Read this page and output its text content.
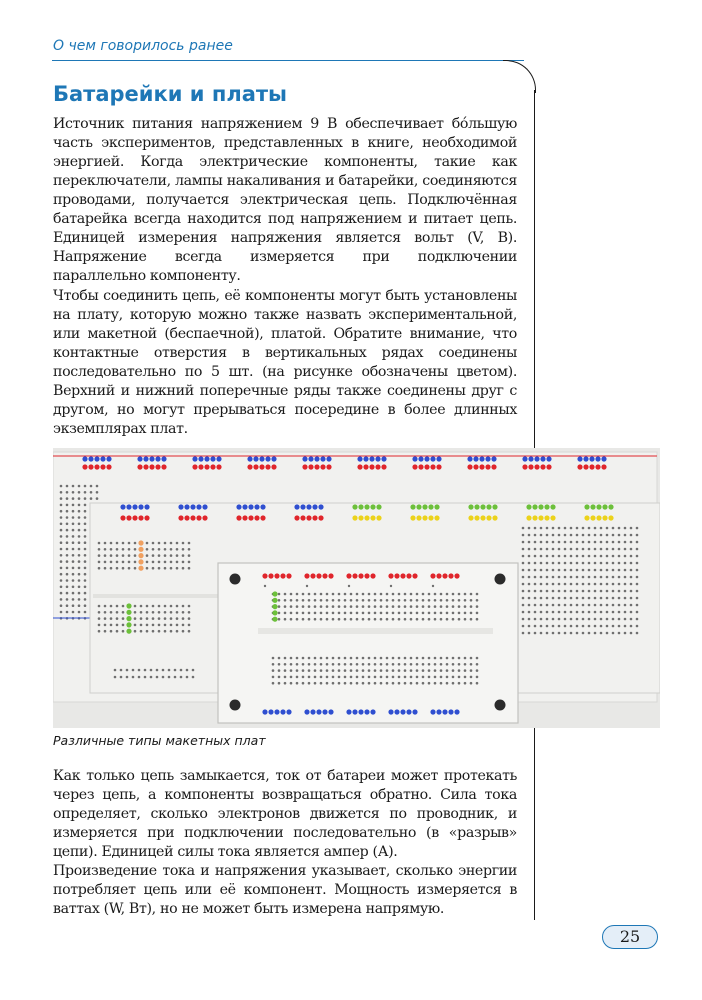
О чем говорилось ранее
Батарейки и платы

Источник питания напряжением 9 В обеспечивает бóльшую часть экспериментов, представленных в книге, необходимой энергией. Когда электрические компоненты, такие как переключатели, лампы накаливания и батарейки, соединяются проводами, получается электрическая цепь. Подключённая батарейка всегда находится под напряжением и питает цепь. Единицей измерения напряжения является вольт (V, В). Напряжение всегда измеряется при подключении параллельно компоненту.

Чтобы соединить цепь, её компоненты могут быть установлены на плату, которую можно также назвать экспериментальной, или макетной (беспаечной), платой. Обратите внимание, что контактные отверстия в вертикальных рядах соединены последовательно по 5 шт. (на рисунке обозначены цветом). Верхний и нижний поперечные ряды также соединены друг с другом, но могут прерываться посередине в более длинных экземплярах плат.

Различные типы макетных плат

Как только цепь замыкается, ток от батареи может протекать через цепь, а компоненты возвращаться обратно. Сила тока определяет, сколько электронов движется по проводник, и измеряется при подключении последовательно (в «разрыв» цепи). Единицей силы тока является ампер (А).

Произведение тока и напряжения указывает, сколько энергии потребляет цепь или её компонент. Мощность измеряется в ваттах (W, Вт), но не может быть измерена напрямую.

25
